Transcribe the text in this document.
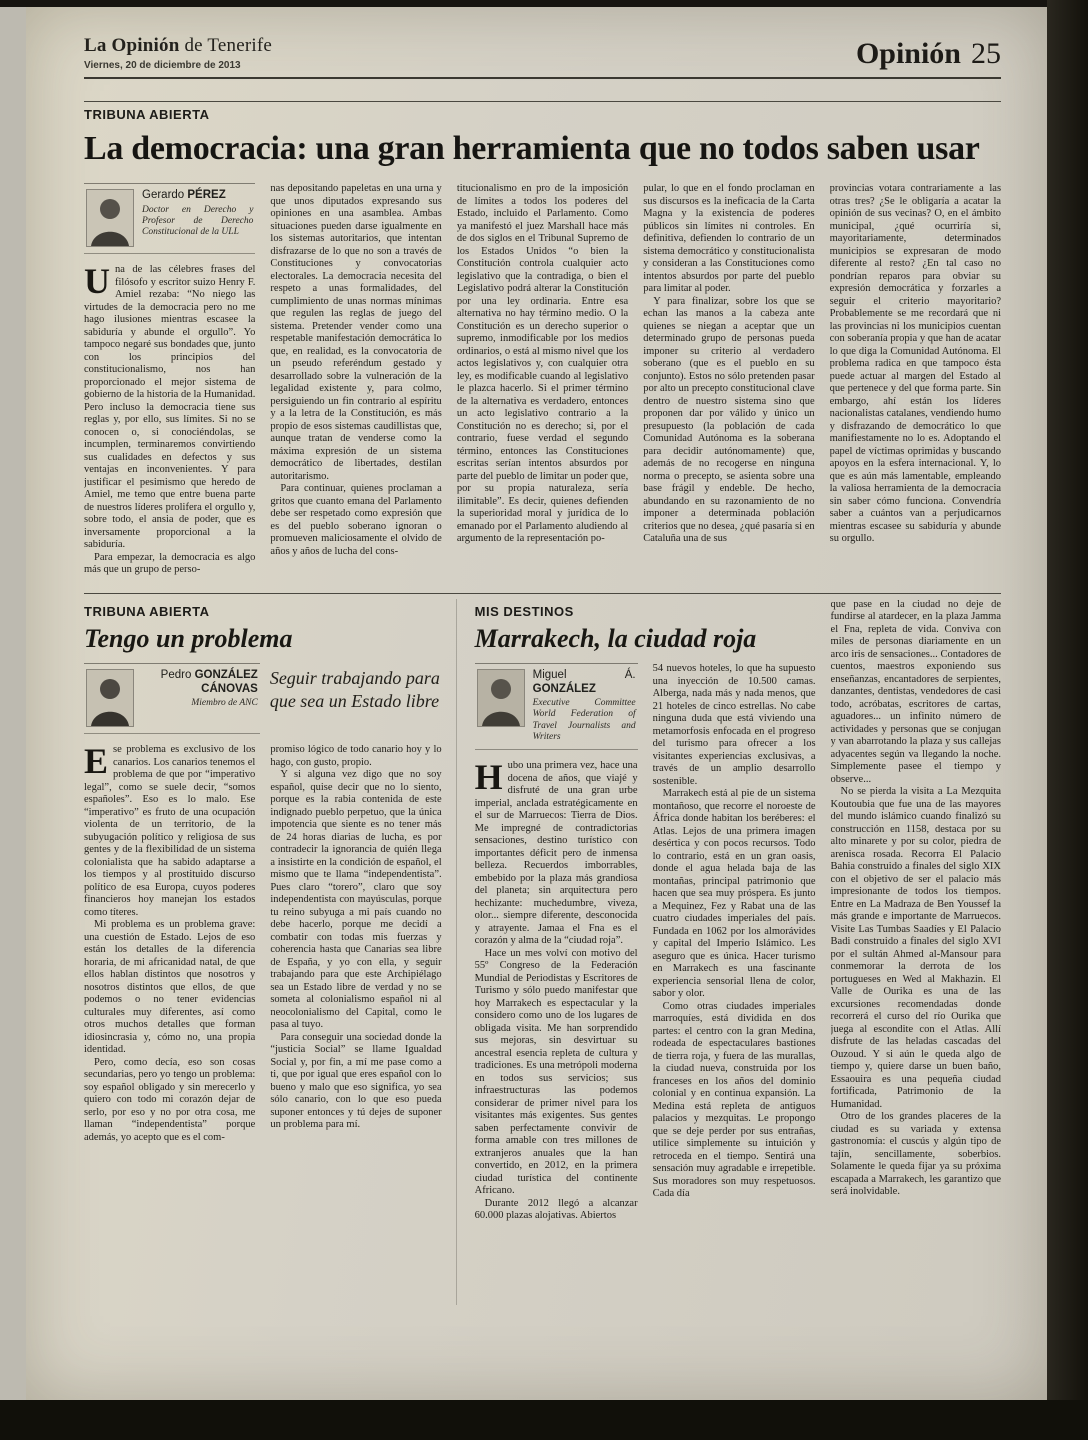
La Opinión de Tenerife
Viernes, 20 de diciembre de 2013	Opinión 25
TRIBUNA ABIERTA
La democracia: una gran herramienta que no todos saben usar
Gerardo PÉREZ
Doctor en Derecho y Profesor de Derecho Constitucional de la ULL

Una de las célebres frases del filósofo y escritor suizo Henry F. Amiel rezaba: “No niego las virtudes de la democracia pero no me hago ilusiones mientras escasee la sabiduría y abunde el orgullo”. Yo tampoco negaré sus bondades que, junto con los principios del constitucionalismo, nos han proporcionado el mejor sistema de gobierno de la historia de la Humanidad. Pero incluso la democracia tiene sus reglas y, por ello, sus límites. Si no se conocen o, si conociéndolas, se incumplen, terminaremos convirtiendo sus cualidades en defectos y sus ventajas en inconvenientes. Y para justificar el pesimismo que heredo de Amiel, me temo que entre buena parte de nuestros líderes prolifera el orgullo y, sobre todo, el ansia de poder, que es inversamente proporcional a la sabiduría.

Para empezar, la democracia es algo más que un grupo de perso-

nas depositando papeletas en una urna y que unos diputados expresando sus opiniones en una asamblea. Ambas situaciones pueden darse igualmente en los sistemas autoritarios, que intentan disfrazarse de lo que no son a través de Constituciones y convocatorias electorales. La democracia necesita del respeto a unas formalidades, del cumplimiento de unas normas mínimas que regulen las reglas de juego del sistema. Pretender vender como una respetable manifestación democrática lo que, en realidad, es la convocatoria de un pseudo referéndum gestado y desarrollado sobre la vulneración de la legalidad existente y, para colmo, persiguiendo un fin contrario al espíritu y a la letra de la Constitución, es más propio de esos sistemas caudillistas que, aunque tratan de venderse como la máxima expresión de un sistema democrático de libertades, destilan autoritarismo.

Para continuar, quienes proclaman a gritos que cuanto emana del Parlamento debe ser respetado como expresión que es del pueblo soberano ignoran o promueven maliciosamente el olvido de años y años de lucha del cons-

titucionalismo en pro de la imposición de límites a todos los poderes del Estado, incluido el Parlamento. Como ya manifestó el juez Marshall hace más de dos siglos en el Tribunal Supremo de los Estados Unidos “o bien la Constitución controla cualquier acto legislativo que la contradiga, o bien el Legislativo podrá alterar la Constitución por una ley ordinaria. Entre esa alternativa no hay término medio. O la Constitución es un derecho superior o supremo, inmodificable por los medios ordinarios, o está al mismo nivel que los actos legislativos y, con cualquier otra ley, es modificable cuando al legislativo le plazca hacerlo. Si el primer término de la alternativa es verdadero, entonces un acto legislativo contrario a la Constitución no es derecho; si, por el contrario, fuese verdad el segundo término, entonces las Constituciones escritas serían intentos absurdos por parte del pueblo de limitar un poder que, por su propia naturaleza, sería ilimitable”. Es decir, quienes defienden la superioridad moral y jurídica de lo emanado por el Parlamento aludiendo al argumento de la representación po-

pular, lo que en el fondo proclaman en sus discursos es la ineficacia de la Carta Magna y la existencia de poderes públicos sin límites ni controles. En definitiva, defienden lo contrario de un sistema democrático y constitucionalista y consideran a las Constituciones como intentos absurdos por parte del pueblo para limitar al poder.

Y para finalizar, sobre los que se echan las manos a la cabeza ante quienes se niegan a aceptar que un determinado grupo de personas pueda imponer su criterio al verdadero soberano (que es el pueblo en su conjunto). Estos no sólo pretenden pasar por alto un precepto constitucional clave dentro de nuestro sistema sino que proponen dar por válido y único un presupuesto (la población de cada Comunidad Autónoma es la soberana para decidir autónomamente) que, además de no recogerse en ninguna norma o precepto, se asienta sobre una base frágil y endeble. De hecho, abundando en su razonamiento de no imponer a determinada población criterios que no desea, ¿qué pasaría si en Cataluña una de sus

provincias votara contrariamente a las otras tres? ¿Se le obligaría a acatar la opinión de sus vecinas? O, en el ámbito municipal, ¿qué ocurriría si, mayoritariamente, determinados municipios se expresaran de modo diferente al resto? ¿En tal caso no pondrían reparos para obviar su expresión democrática y forzarles a seguir el criterio mayoritario? Probablemente se me recordará que ni las provincias ni los municipios cuentan con soberanía propia y que han de acatar lo que diga la Comunidad Autónoma. El problema radica en que tampoco ésta puede actuar al margen del Estado al que pertenece y del que forma parte. Sin embargo, ahí están los líderes nacionalistas catalanes, vendiendo humo y disfrazando de democrático lo que manifiestamente no lo es. Adoptando el papel de víctimas oprimidas y buscando apoyos en la esfera internacional. Y, lo que es aún más lamentable, empleando la valiosa herramienta de la democracia sin saber cómo funciona. Convendría saber a cuántos van a perjudicarnos mientras escasee su sabiduría y abunde su orgullo.

TRIBUNA ABIERTA
Tengo un problema
Pedro GONZÁLEZ CÁNOVAS
Miembro de ANC
Seguir trabajando para que sea un Estado libre

Ese problema es exclusivo de los canarios. Los canarios tenemos el problema de que por “imperativo legal”, como se suele decir, “somos españoles”. Eso es lo malo. Ese “imperativo” es fruto de una ocupación violenta de un territorio, de la subyugación político y religiosa de sus gentes y de la flexibilidad de un sistema colonialista que ha sabido adaptarse a los tiempos y al prostituido discurso político de esa Europa, cuyos poderes financieros hoy manejan los estados como títeres.

Mi problema es un problema grave: una cuestión de Estado. Lejos de eso están los detalles de la diferencia horaria, de mi africanidad natal, de que ellos hablan distintos que nosotros y nosotros distintos que ellos, de que podemos o no tener evidencias culturales muy diferentes, así como otros muchos detalles que forman idiosincrasia y, cómo no, una propia identidad.

Pero, como decía, eso son cosas secundarias, pero yo tengo un problema: soy español obligado y sin merecerlo y quiero con todo mi corazón dejar de serlo, por eso y no por otra cosa, me llaman “independentista” porque además, yo acepto que es el com-

promiso lógico de todo canario hoy y lo hago, con gusto, propio.

Y si alguna vez digo que no soy español, quise decir que no lo siento, porque es la rabia contenida de este indignado pueblo perpetuo, que la única impotencia que siente es no tener más de 24 horas diarias de lucha, es por contradecir la ignorancia de quién llega a insistirte en la condición de español, el mismo que te llama “independentista”. Pues claro “torero”, claro que soy independentista con mayúsculas, porque tu reino subyuga a mi país cuando no debe hacerlo, porque me decidí a combatir con todas mis fuerzas y coherencia hasta que Canarias sea libre de España, y yo con ella, y seguir trabajando para que este Archipiélago sea un Estado libre de verdad y no se someta al colonialismo español ni al neocolonialismo del Capital, como le pasa al tuyo.

Para conseguir una sociedad donde la “justicia Social” se llame Igualdad Social y, por fin, a mí me pase como a ti, que por igual que eres español con lo bueno y malo que eso significa, yo sea sólo canario, con lo que eso pueda suponer entonces y tú dejes de suponer un problema para mí.

MIS DESTINOS
Marrakech, la ciudad roja
Miguel Á. GONZÁLEZ
Executive Committee World Federation of Travel Journalists and Writers

Hubo una primera vez, hace una docena de años, que viajé y disfruté de una gran urbe imperial, anclada estratégicamente en el sur de Marruecos: Tierra de Dios. Me impregné de contradictorias sensaciones, destino turístico con importantes déficit pero de inmensa belleza. Recuerdos imborrables, embebido por la plaza más grandiosa del planeta; sin arquitectura pero hechizante: muchedumbre, viveza, olor... siempre diferente, desconocida y atrayente. Jamaa el Fna es el corazón y alma de la “ciudad roja”.

Hace un mes volví con motivo del 55º Congreso de la Federación Mundial de Periodistas y Escritores de Turismo y sólo puedo manifestar que hoy Marrakech es espectacular y la considero como uno de los lugares de obligada visita. Me han sorprendido sus mejoras, sin desvirtuar su ancestral esencia repleta de cultura y tradiciones. Es una metrópoli moderna en todos sus servicios; sus infraestructuras las podemos considerar de primer nivel para los visitantes más exigentes. Sus gentes saben perfectamente convivir de forma amable con tres millones de extranjeros anuales que la han convertido, en 2012, en la primera ciudad turística del continente Africano.

Durante 2012 llegó a alcanzar 60.000 plazas alojativas. Abiertos

54 nuevos hoteles, lo que ha supuesto una inyección de 10.500 camas. Alberga, nada más y nada menos, que 21 hoteles de cinco estrellas. No cabe ninguna duda que está viviendo una metamorfosis enfocada en el progreso del turismo para ofrecer a los visitantes experiencias exclusivas, a través de un amplio desarrollo sostenible.

Marrakech está al pie de un sistema montañoso, que recorre el noroeste de África donde habitan los beréberes: el Atlas. Lejos de una primera imagen desértica y con pocos recursos. Todo lo contrario, está en un gran oasis, donde el agua helada baja de las montañas, principal patrimonio que hacen que sea muy próspera. Es junto a Mequinez, Fez y Rabat una de las cuatro ciudades imperiales del país. Fundada en 1062 por los almorávides y capital del Imperio Islámico. Les aseguro que es única. Hacer turismo en Marrakech es una fascinante experiencia sensorial llena de color, sabor y olor.

Como otras ciudades imperiales marroquíes, está dividida en dos partes: el centro con la gran Medina, rodeada de espectaculares bastiones de tierra roja, y fuera de las murallas, la ciudad nueva, construida por los franceses en los años del dominio colonial y en continua expansión. La Medina está repleta de antiguos palacios y mezquitas. Le propongo que se deje perder por sus entrañas, utilice simplemente su intuición y retroceda en el tiempo. Sentirá una sensación muy agradable e irrepetible. Sus moradores son muy respetuosos. Cada día

que pase en la ciudad no deje de fundirse al atardecer, en la plaza Jamma el Fna, repleta de vida. Conviva con miles de personas diariamente en un arco iris de sensaciones... Contadores de cuentos, maestros exponiendo sus enseñanzas, encantadores de serpientes, danzantes, dentistas, vendedores de casi todo, acróbatas, escritores de cartas, aguadores... un infinito número de actividades y personas que se conjugan y van abarrotando la plaza y sus callejas adyacentes según va llegando la noche. Simplemente pasee el tiempo y observe...

No se pierda la visita a La Mezquita Koutoubia que fue una de las mayores del mundo islámico cuando finalizó su construcción en 1158, destaca por su alto minarete y por su color, piedra de arenisca rosada. Recorra El Palacio Bahia construido a finales del siglo XIX con el objetivo de ser el palacio más impresionante de todos los tiempos. Entre en La Madraza de Ben Youssef la más grande e importante de Marruecos. Visite Las Tumbas Saadíes y El Palacio Badi construido a finales del siglo XVI por el sultán Ahmed al-Mansour para conmemorar la derrota de los portugueses en Wed al Makhazin. El Valle de Ourika es una de las excursiones recomendadas donde recorrerá el curso del río Ourika que juega al escondite con el Atlas. Allí disfrute de las heladas cascadas del Ouzoud. Y si aún le queda algo de tiempo y, quiere darse un buen baño, Essaouira es una pequeña ciudad fortificada, Patrimonio de la Humanidad.

Otro de los grandes placeres de la ciudad es su variada y extensa gastronomía: el cuscús y algún tipo de tajín, sencillamente, soberbios. Solamente le queda fijar ya su próxima escapada a Marrakech, les garantizo que será inolvidable.
